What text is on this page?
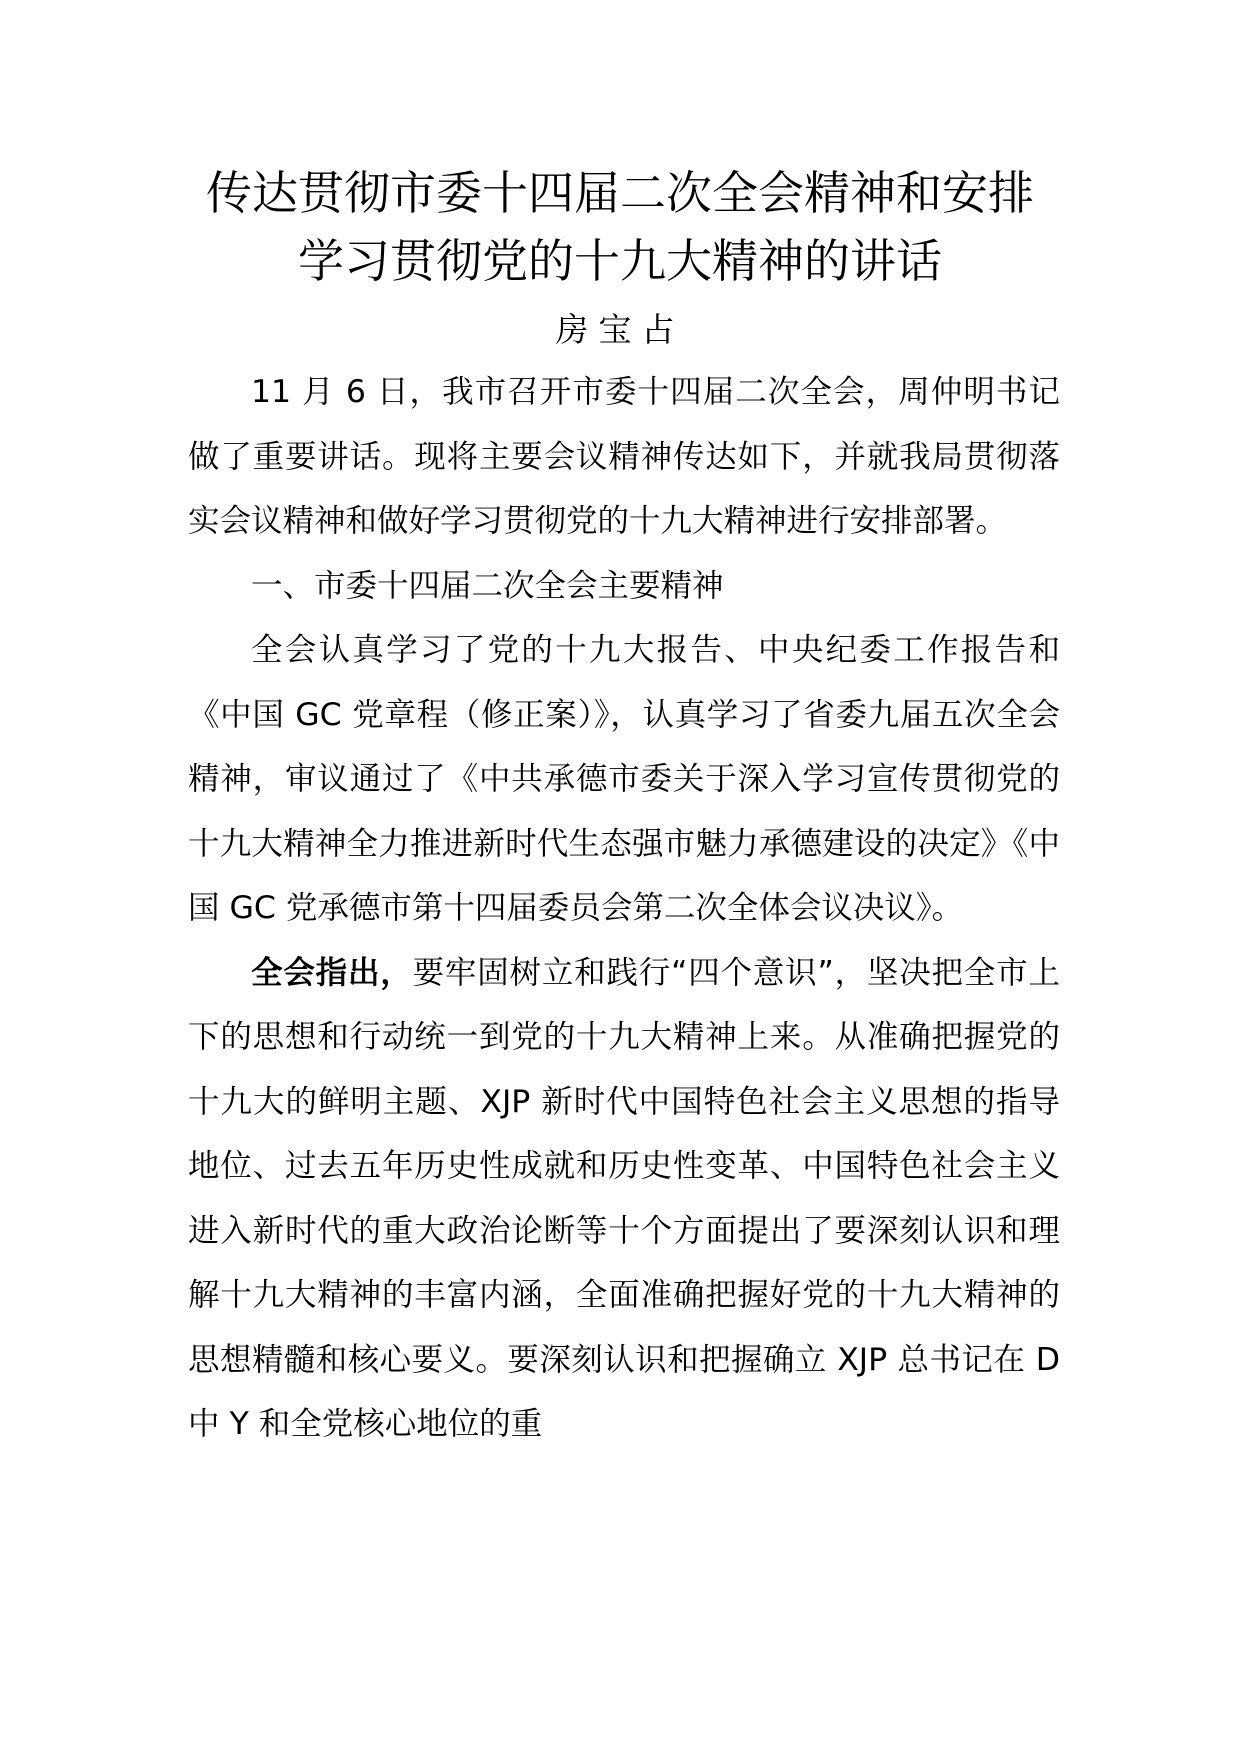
传达贯彻市委十四届二次全会精神和安排
学习贯彻党的十九大精神的讲话
房宝占

11 月 6 日，我市召开市委十四届二次全会，周仲明书记做了重要讲话。现将主要会议精神传达如下，并就我局贯彻落实会议精神和做好学习贯彻党的十九大精神进行安排部署。

一、市委十四届二次全会主要精神

全会认真学习了党的十九大报告、中央纪委工作报告和《中国 GC 党章程（修正案）》，认真学习了省委九届五次全会精神，审议通过了《中共承德市委关于深入学习宣传贯彻党的十九大精神全力推进新时代生态强市魅力承德建设的决定》《中国 GC 党承德市第十四届委员会第二次全体会议决议》。

全会指出，要牢固树立和践行“四个意识”，坚决把全市上下的思想和行动统一到党的十九大精神上来。从准确把握党的十九大的鲜明主题、XJP 新时代中国特色社会主义思想的指导地位、过去五年历史性成就和历史性变革、中国特色社会主义进入新时代的重大政治论断等十个方面提出了要深刻认识和理解十九大精神的丰富内涵，全面准确把握好党的十九大精神的思想精髓和核心要义。要深刻认识和把握确立 XJP 总书记在 D 中 Y 和全党核心地位的重
